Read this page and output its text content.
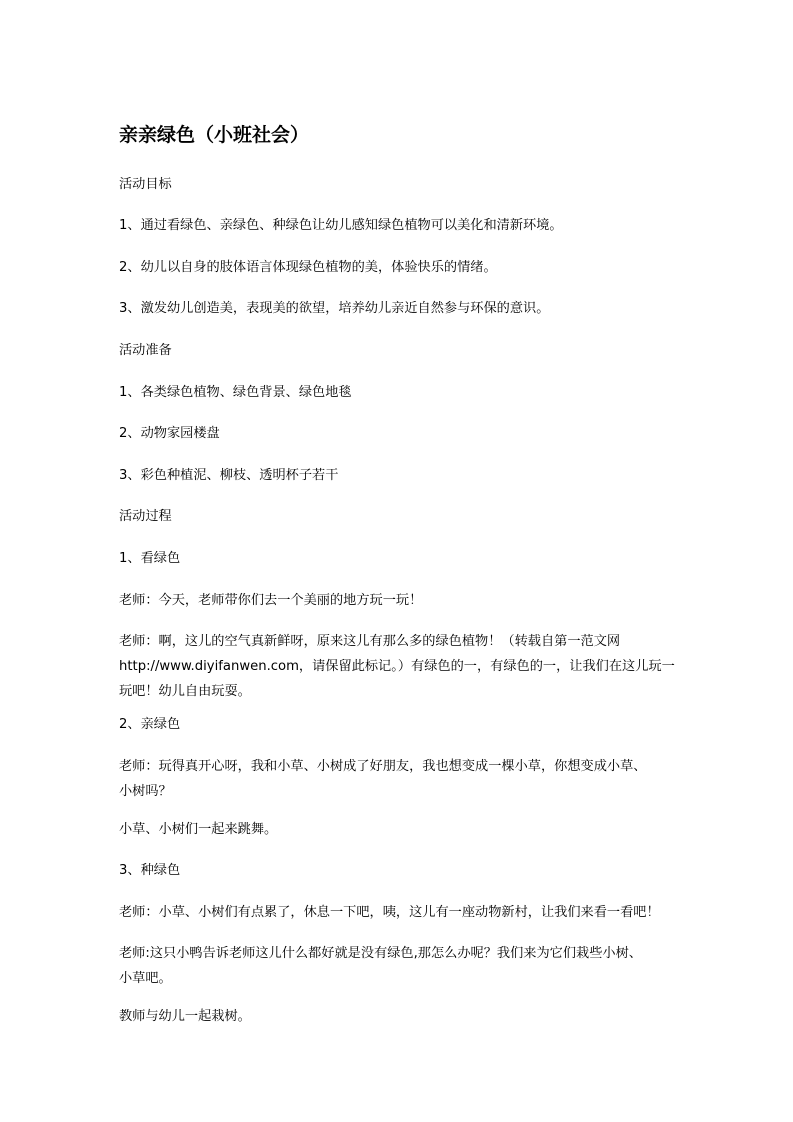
亲亲绿色（小班社会）
活动目标
1、通过看绿色、亲绿色、种绿色让幼儿感知绿色植物可以美化和清新环境。
2、幼儿以自身的肢体语言体现绿色植物的美，体验快乐的情绪。
3、激发幼儿创造美，表现美的欲望，培养幼儿亲近自然参与环保的意识。
活动准备
1、各类绿色植物、绿色背景、绿色地毯
2、动物家园楼盘
3、彩色种植泥、柳枝、透明杯子若干
活动过程
1、看绿色
老师：今天，老师带你们去一个美丽的地方玩一玩！
老师：啊，这儿的空气真新鲜呀，原来这儿有那么多的绿色植物！（转载自第一范文网
http://www.diyifanwen.com，请保留此标记。）有绿色的一，有绿色的一，让我们在这儿玩一
玩吧！幼儿自由玩耍。
2、亲绿色
老师：玩得真开心呀，我和小草、小树成了好朋友，我也想变成一棵小草，你想变成小草、
小树吗？
小草、小树们一起来跳舞。
3、种绿色
老师：小草、小树们有点累了，休息一下吧，咦，这儿有一座动物新村，让我们来看一看吧！
老师:这只小鸭告诉老师这儿什么都好就是没有绿色,那怎么办呢？我们来为它们栽些小树、
小草吧。
教师与幼儿一起栽树。
